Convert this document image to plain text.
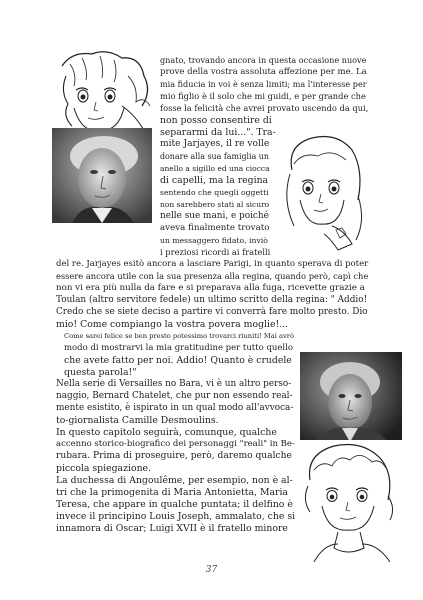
gnato, trovando ancora in questa occasione nuove
prove della vostra assoluta affezione per me. La
mia fiducia in voi è senza limiti; ma l'interesse per
mio figlio è il solo che mi guidi, e per grande che
fosse la felicità che avrei provato uscendo da qui,
non posso consentire di
separarmi da lui...". Tra-
mite Jarjayes, il re volle
donare alla sua famiglia un
anello a sigillo ed una ciocca
di capelli, ma la regina
sentendo che quegli oggetti
non sarebbero stati al sicuro
nelle sue mani, e poiché
aveva finalmente trovato
un messaggero fidato, inviò
i preziosi ricordi ai fratelli
del re. Jarjayes esitò ancora a lasciare Parigi, in quanto sperava di poter
essere ancora utile con la sua presenza alla regina, quando però, capì che
non vi era più nulla da fare e si preparava alla fuga, ricevette grazie a
Toulan (altro servitore fedele) un ultimo scritto della regina: " Addio!
Credo che se siete deciso a partire vi converrà fare molto presto. Dio
mio! Come compiango la vostra povera moglie!...
Come sarei felice se ben presto potessimo trovarci riuniti! Mai avrò
modo di mostrarvi la mia gratitudine per tutto quello
che avete fatto per noi. Addio! Quanto è crudele
questa parola!"
Nella serie di Versailles no Bara, vi è un altro perso-
naggio, Bernard Chatelet, che pur non essendo real-
mente esistito, è ispirato in un qual modo all'avvoca-
to-giornalista Camille Desmoulins.
In questo capitolo seguirà, comunque, qualche
accenno storico-biografico dei personaggi "reali" in Be-
rubara. Prima di proseguire, però, daremo qualche
piccola spiegazione.
La duchessa di Angoulême, per esempio, non è al-
tri che la primogenita di Maria Antonietta, Maria
Teresa, che appare in qualche puntata; il delfino è
invece il principino Louis Joseph, ammalato, che si
innamora di Oscar; Luigi XVII è il fratello minore
37
